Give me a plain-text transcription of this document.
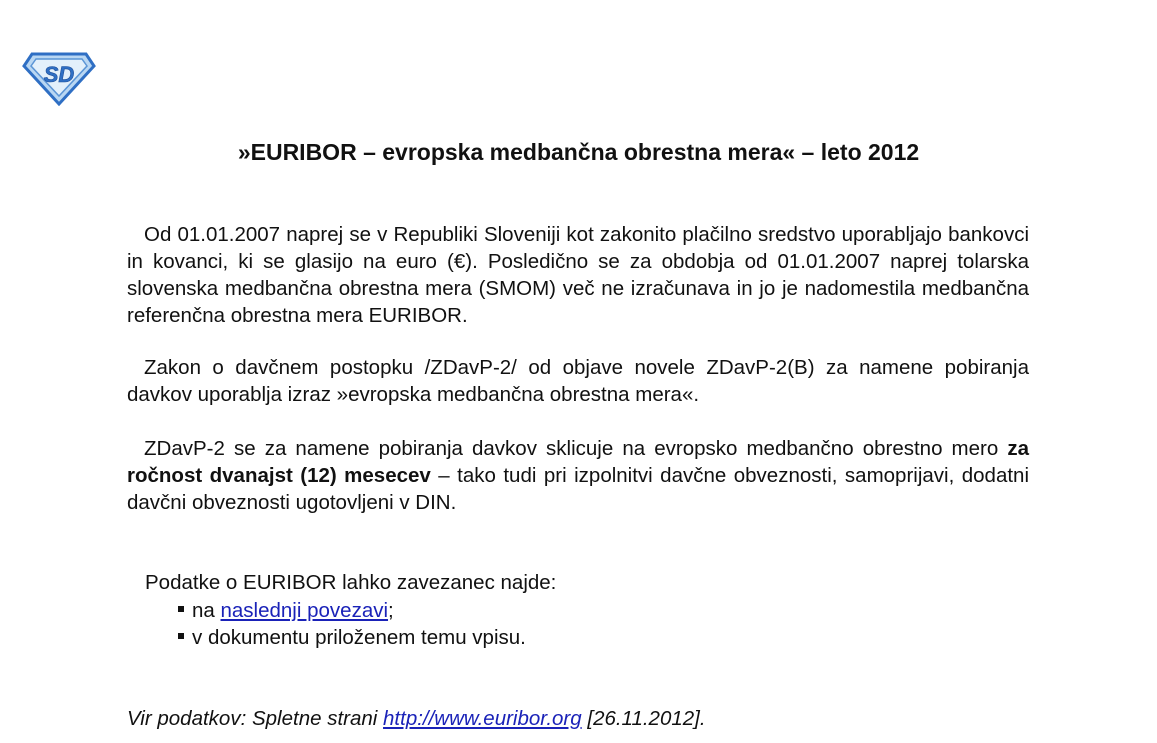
SD
»EURIBOR – evropska medbančna obrestna mera« – leto 2012

Od 01.01.2007 naprej se v Republiki Sloveniji kot zakonito plačilno sredstvo uporabljajo bankovci in kovanci, ki se glasijo na euro (€). Posledično se za obdobja od 01.01.2007 naprej tolarska slovenska medbančna obrestna mera (SMOM) več ne izračunava in jo je nadomestila medbančna referenčna obrestna mera EURIBOR.

Zakon o davčnem postopku /ZDavP-2/ od objave novele ZDavP-2(B) za namene pobiranja davkov uporablja izraz »evropska medbančna obrestna mera«.

ZDavP-2 se za namene pobiranja davkov sklicuje na evropsko medbančno obrestno mero za ročnost dvanajst (12) mesecev – tako tudi pri izpolnitvi davčne obveznosti, samoprijavi, dodatni davčni obveznosti ugotovljeni v DIN.

Podatke o EURIBOR lahko zavezanec najde:

na naslednji povezavi;

v dokumentu priloženem temu vpisu.

Vir podatkov: Spletne strani http://www.euribor.org [26.11.2012].
